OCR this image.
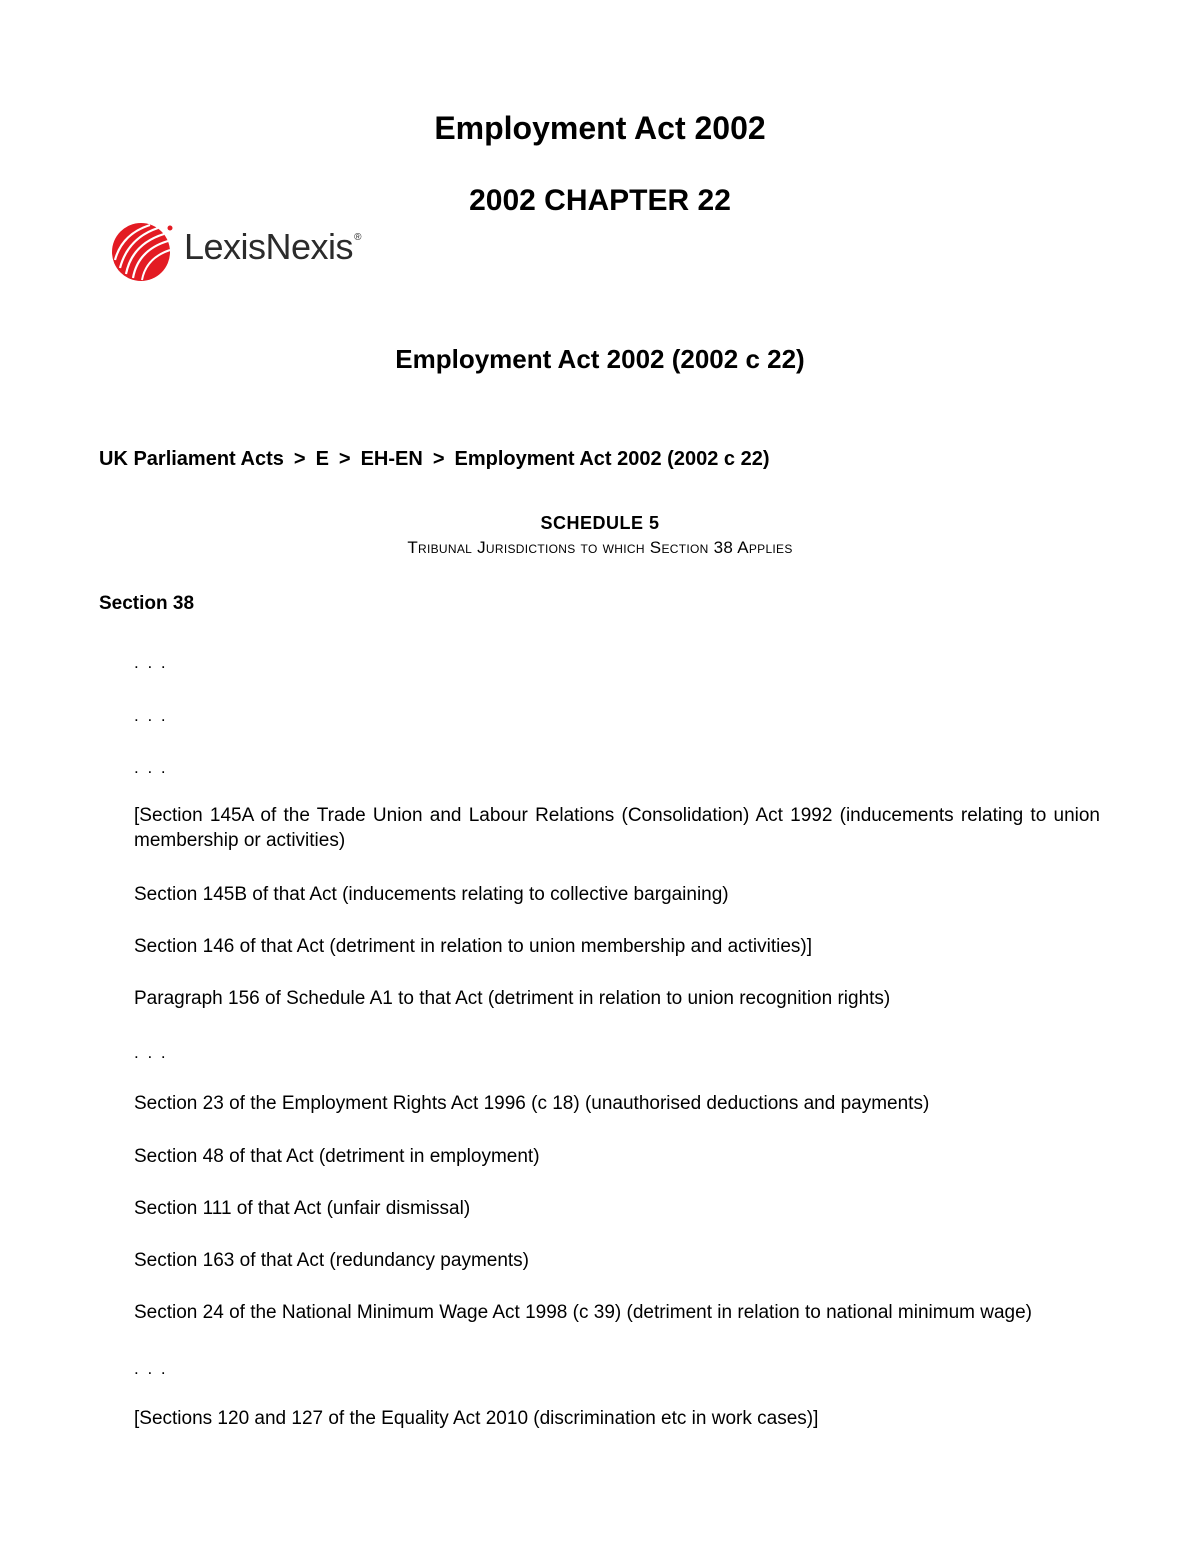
Employment Act 2002
2002 CHAPTER 22
LexisNexis®
Employment Act 2002 (2002 c 22)
UK Parliament Acts > E > EH-EN > Employment Act 2002 (2002 c 22)
SCHEDULE 5
Tribunal Jurisdictions to which Section 38 Applies
Section 38
. . .
. . .
. . .
[Section 145A of the Trade Union and Labour Relations (Consolidation) Act 1992 (inducements relating to union membership or activities)
Section 145B of that Act (inducements relating to collective bargaining)
Section 146 of that Act (detriment in relation to union membership and activities)]
Paragraph 156 of Schedule A1 to that Act (detriment in relation to union recognition rights)
. . .
Section 23 of the Employment Rights Act 1996 (c 18) (unauthorised deductions and payments)
Section 48 of that Act (detriment in employment)
Section 111 of that Act (unfair dismissal)
Section 163 of that Act (redundancy payments)
Section 24 of the National Minimum Wage Act 1998 (c 39) (detriment in relation to national minimum wage)
. . .
[Sections 120 and 127 of the Equality Act 2010 (discrimination etc in work cases)]
